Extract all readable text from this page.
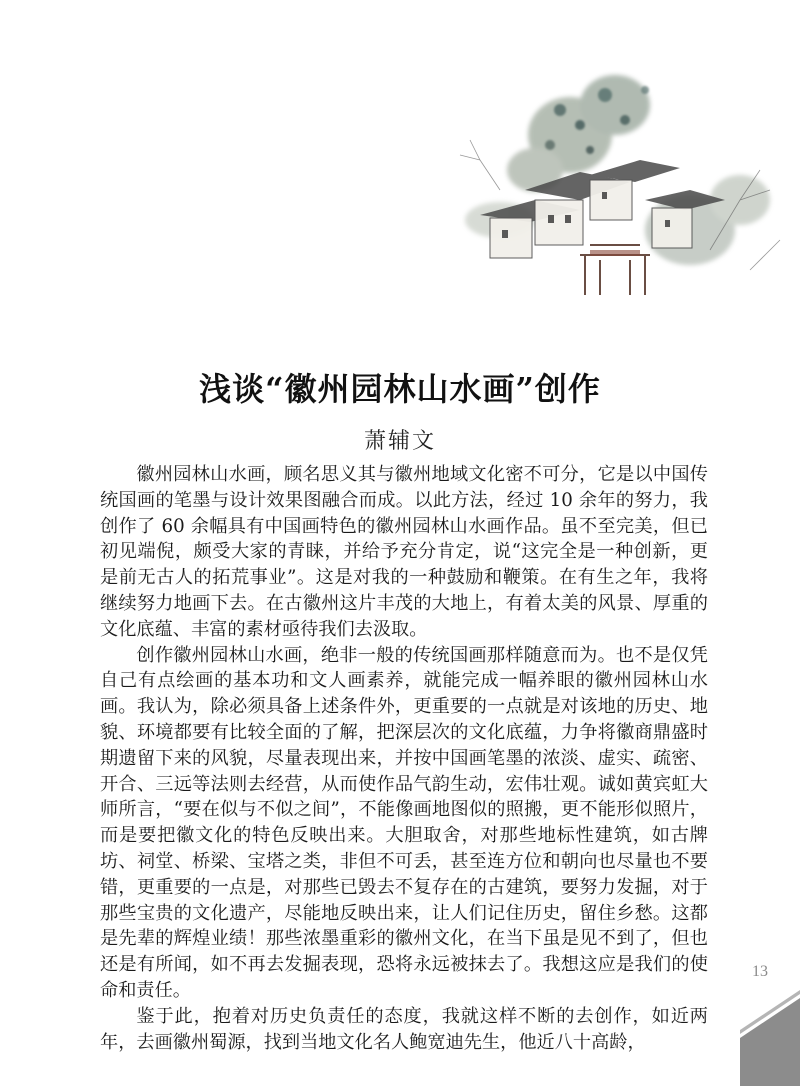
浅谈“徽州园林山水画”创作
萧辅文

徽州园林山水画，顾名思义其与徽州地域文化密不可分，它是以中国传统国画的笔墨与设计效果图融合而成。以此方法，经过 10 余年的努力，我创作了 60 余幅具有中国画特色的徽州园林山水画作品。虽不至完美，但已初见端倪，颇受大家的青睐，并给予充分肯定，说“这完全是一种创新，更是前无古人的拓荒事业”。这是对我的一种鼓励和鞭策。在有生之年，我将继续努力地画下去。在古徽州这片丰茂的大地上，有着太美的风景、厚重的文化底蕴、丰富的素材亟待我们去汲取。

创作徽州园林山水画，绝非一般的传统国画那样随意而为。也不是仅凭自己有点绘画的基本功和文人画素养，就能完成一幅养眼的徽州园林山水画。我认为，除必须具备上述条件外，更重要的一点就是对该地的历史、地貌、环境都要有比较全面的了解，把深层次的文化底蕴，力争将徽商鼎盛时期遗留下来的风貌，尽量表现出来，并按中国画笔墨的浓淡、虚实、疏密、开合、三远等法则去经营，从而使作品气韵生动，宏伟壮观。诚如黄宾虹大师所言，“要在似与不似之间”，不能像画地图似的照搬，更不能形似照片，而是要把徽文化的特色反映出来。大胆取舍，对那些地标性建筑，如古牌坊、祠堂、桥梁、宝塔之类，非但不可丢，甚至连方位和朝向也尽量也不要错，更重要的一点是，对那些已毁去不复存在的古建筑，要努力发掘，对于那些宝贵的文化遗产，尽能地反映出来，让人们记住历史，留住乡愁。这都是先辈的辉煌业绩！那些浓墨重彩的徽州文化，在当下虽是见不到了，但也还是有所闻，如不再去发掘表现，恐将永远被抹去了。我想这应是我们的使命和责任。

鉴于此，抱着对历史负责任的态度，我就这样不断的去创作，如近两年，去画徽州蜀源，找到当地文化名人鲍宽迪先生，他近八十高龄，

13
